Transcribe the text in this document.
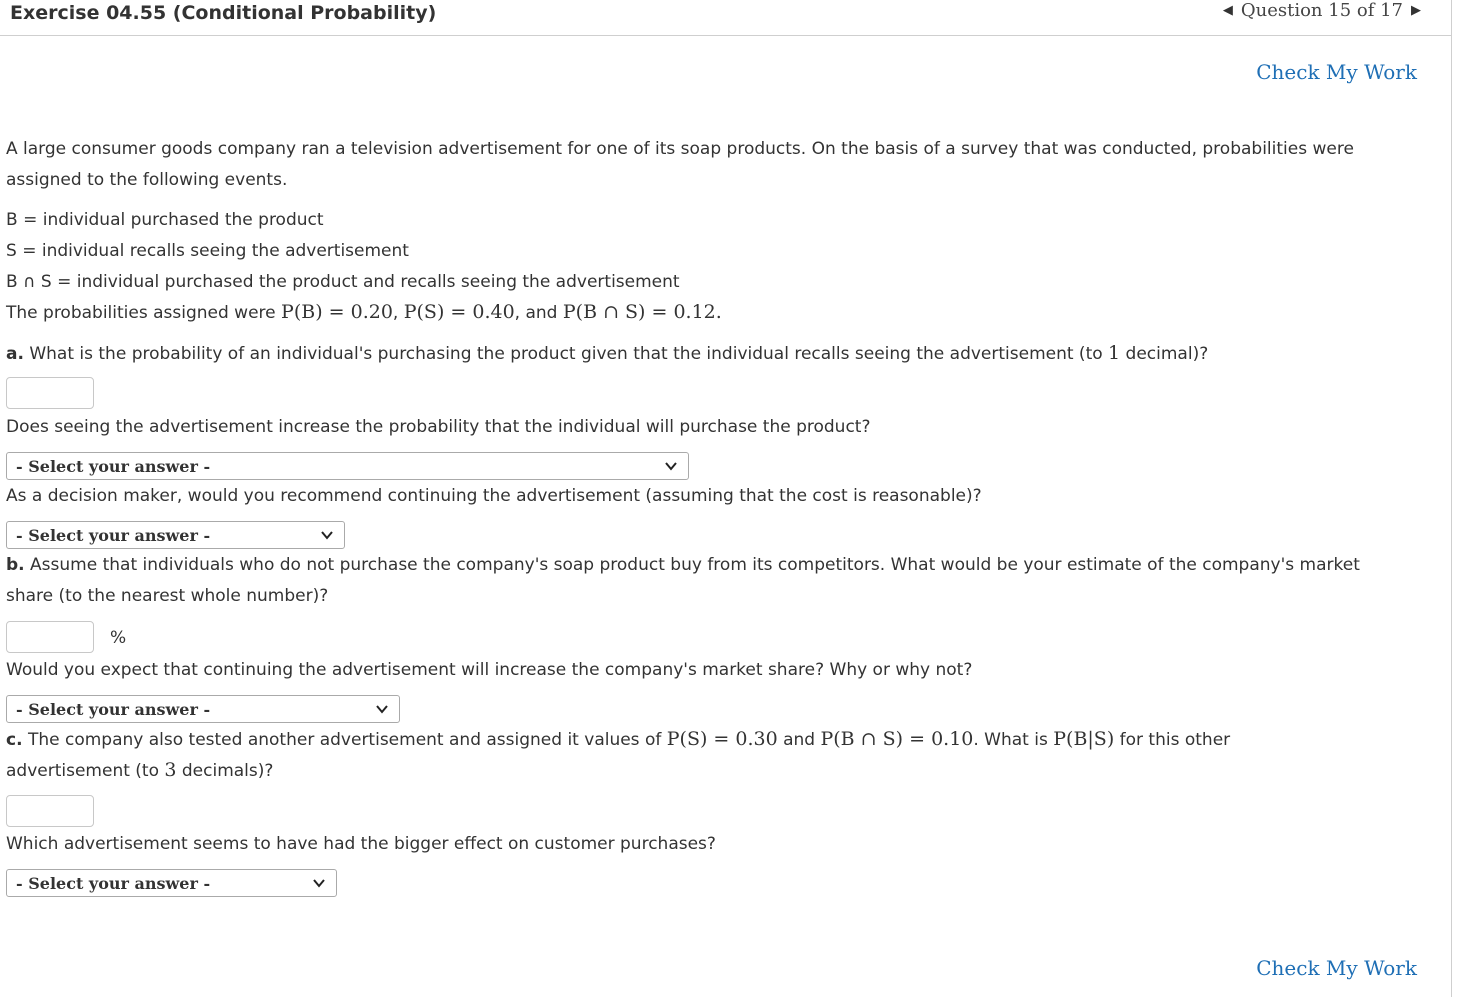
Exercise 04.55 (Conditional Probability)	◀ Question 15 of 17 ▶
Check My Work
A large consumer goods company ran a television advertisement for one of its soap products. On the basis of a survey that was conducted, probabilities were
assigned to the following events.
B = individual purchased the product
S = individual recalls seeing the advertisement
B ∩ S = individual purchased the product and recalls seeing the advertisement
The probabilities assigned were P(B) = 0.20, P(S) = 0.40, and P(B ∩ S) = 0.12.
a. What is the probability of an individual's purchasing the product given that the individual recalls seeing the advertisement (to 1 decimal)?
Does seeing the advertisement increase the probability that the individual will purchase the product?
- Select your answer -
As a decision maker, would you recommend continuing the advertisement (assuming that the cost is reasonable)?
- Select your answer -
b. Assume that individuals who do not purchase the company's soap product buy from its competitors. What would be your estimate of the company's market
share (to the nearest whole number)?
%
Would you expect that continuing the advertisement will increase the company's market share? Why or why not?
- Select your answer -
c. The company also tested another advertisement and assigned it values of P(S) = 0.30 and P(B ∩ S) = 0.10. What is P(B|S) for this other
advertisement (to 3 decimals)?
Which advertisement seems to have had the bigger effect on customer purchases?
- Select your answer -
Check My Work
